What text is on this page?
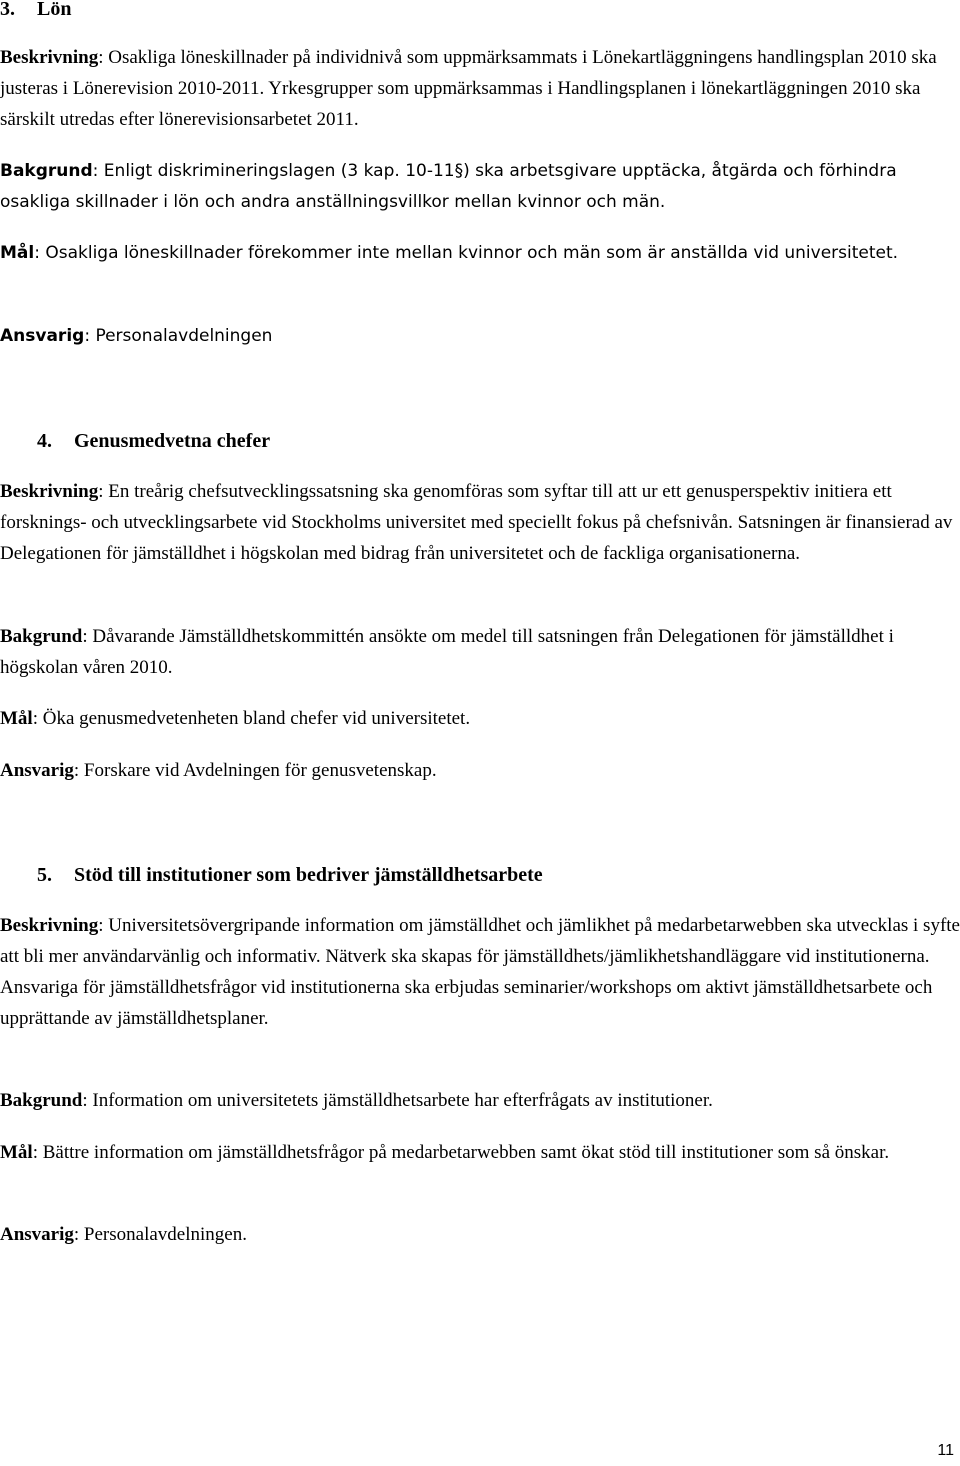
3. Lön

Beskrivning: Osakliga löneskillnader på individnivå som uppmärksammats i Lönekartläggningens handlingsplan 2010 ska justeras i Lönerevision 2010-2011. Yrkesgrupper som uppmärksammas i Handlingsplanen i lönekartläggningen 2010 ska särskilt utredas efter lönerevisionsarbetet 2011.

Bakgrund: Enligt diskrimineringslagen (3 kap. 10-11§) ska arbetsgivare upptäcka, åtgärda och förhindra osakliga skillnader i lön och andra anställningsvillkor mellan kvinnor och män.

Mål: Osakliga löneskillnader förekommer inte mellan kvinnor och män som är anställda vid universitetet.

Ansvarig: Personalavdelningen

4. Genusmedvetna chefer

Beskrivning: En treårig chefsutvecklingssatsning ska genomföras som syftar till att ur ett genusperspektiv initiera ett forsknings- och utvecklingsarbete vid Stockholms universitet med speciellt fokus på chefsnivån. Satsningen är finansierad av Delegationen för jämställdhet i högskolan med bidrag från universitetet och de fackliga organisationerna.

Bakgrund: Dåvarande Jämställdhetskommittén ansökte om medel till satsningen från Delegationen för jämställdhet i högskolan våren 2010.

Mål: Öka genusmedvetenheten bland chefer vid universitetet.

Ansvarig: Forskare vid Avdelningen för genusvetenskap.

5. Stöd till institutioner som bedriver jämställdhetsarbete

Beskrivning: Universitetsövergripande information om jämställdhet och jämlikhet på medarbetarwebben ska utvecklas i syfte att bli mer användarvänlig och informativ. Nätverk ska skapas för jämställdhets/jämlikhetshandläggare vid institutionerna. Ansvariga för jämställdhetsfrågor vid institutionerna ska erbjudas seminarier/workshops om aktivt jämställdhetsarbete och upprättande av jämställdhetsplaner.

Bakgrund: Information om universitetets jämställdhetsarbete har efterfrågats av institutioner.

Mål: Bättre information om jämställdhetsfrågor på medarbetarwebben samt ökat stöd till institutioner som så önskar.

Ansvarig: Personalavdelningen.

11
